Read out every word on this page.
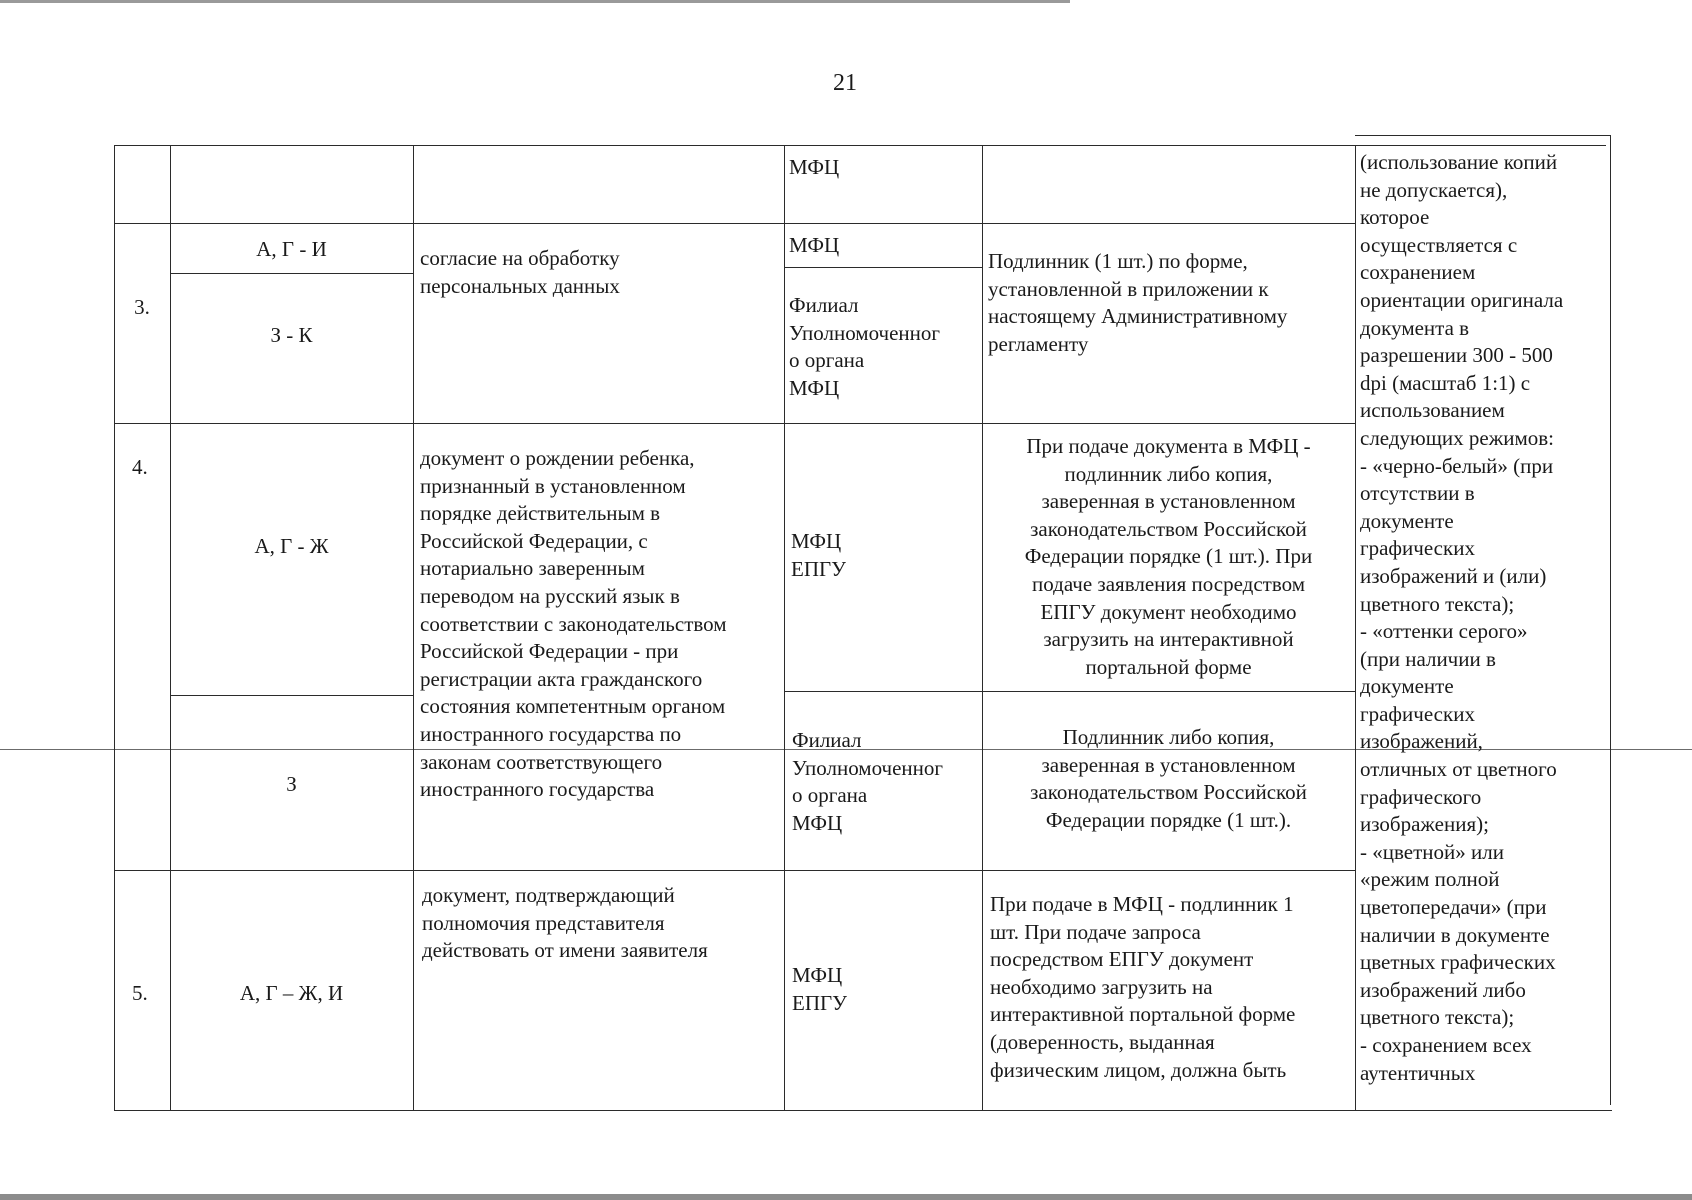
21
МФЦ
3.
А, Г - И
З - К
согласие на обработку
персональных данных
МФЦ
Филиал
Уполномоченног
о органа
МФЦ
Подлинник (1 шт.) по форме,
установленной в приложении к
настоящему Административному
регламенту
4.
А, Г - Ж
З
документ о рождении ребенка,
признанный в установленном
порядке действительным в
Российской Федерации, с
нотариально заверенным
переводом на русский язык в
соответствии с законодательством
Российской Федерации - при
регистрации акта гражданского
состояния компетентным органом
иностранного государства по
законам соответствующего
иностранного государства
МФЦ
ЕПГУ
Филиал
Уполномоченног
о органа
МФЦ
При подаче документа в МФЦ -
подлинник либо копия,
заверенная в установленном
законодательством Российской
Федерации порядке (1 шт.). При
подаче заявления посредством
ЕПГУ документ необходимо
загрузить на интерактивной
портальной форме
Подлинник либо копия,
заверенная в установленном
законодательством Российской
Федерации порядке (1 шт.).
5.	А, Г – Ж, И
документ, подтверждающий
полномочия представителя
действовать от имени заявителя
МФЦ
ЕПГУ
При подаче в МФЦ - подлинник 1
шт. При подаче запроса
посредством ЕПГУ документ
необходимо загрузить на
интерактивной портальной форме
(доверенность, выданная
физическим лицом, должна быть
(использование копий
не допускается),
которое
осуществляется с
сохранением
ориентации оригинала
документа в
разрешении 300 - 500
dpi (масштаб 1:1) с
использованием
следующих режимов:
- «черно-белый» (при
отсутствии в
документе
графических
изображений и (или)
цветного текста);
- «оттенки серого»
(при наличии в
документе
графических
изображений,
отличных от цветного
графического
изображения);
- «цветной» или
«режим полной
цветопередачи» (при
наличии в документе
цветных графических
изображений либо
цветного текста);
- сохранением всех
аутентичных
